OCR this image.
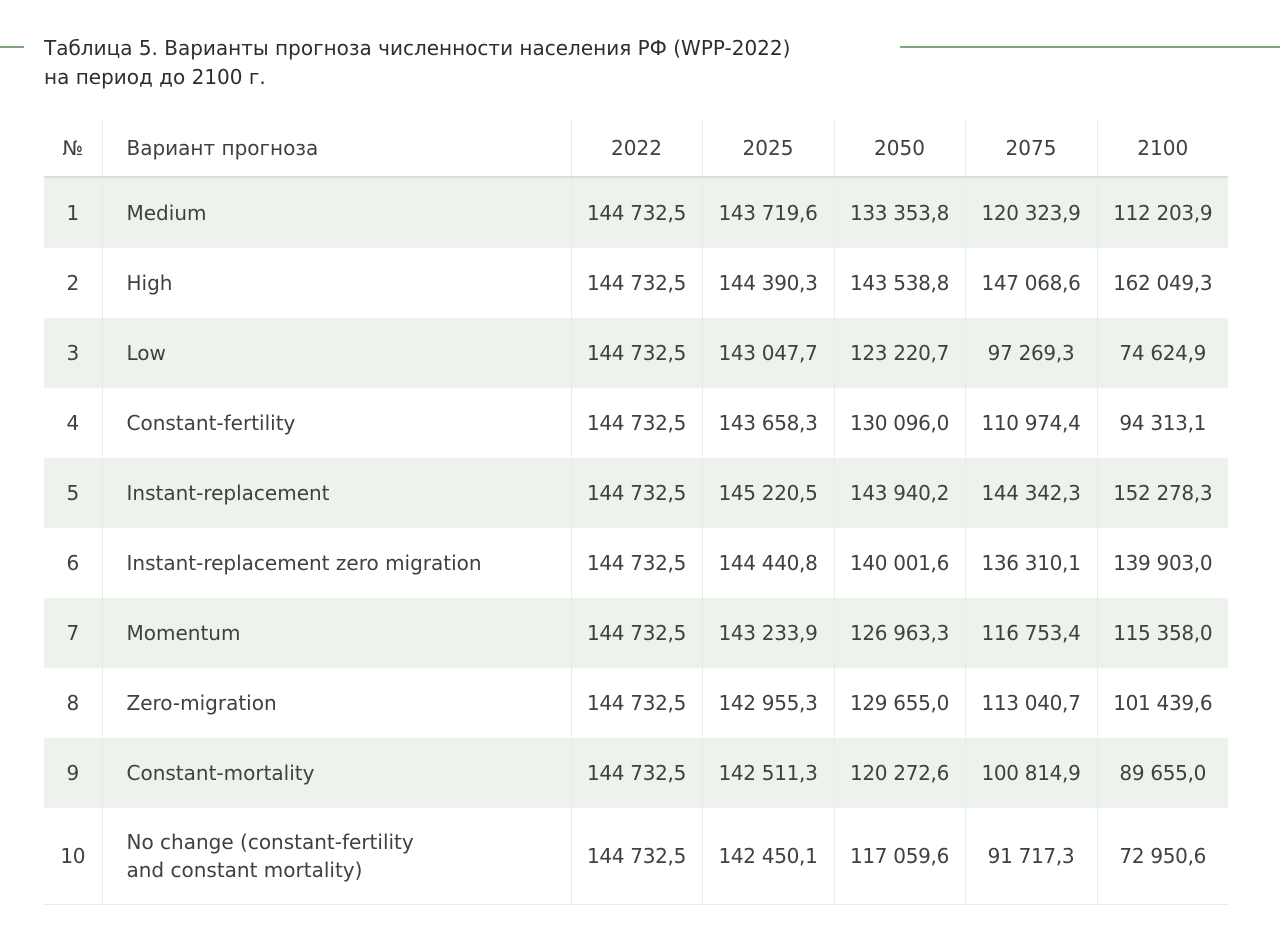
Таблица 5. Варианты прогноза численности населения РФ (WPP-2022)
на период до 2100 г.
№	Вариант прогноза	2022	2025	2050	2075	2100
1	Medium	144 732,5	143 719,6	133 353,8	120 323,9	112 203,9
2	High	144 732,5	144 390,3	143 538,8	147 068,6	162 049,3
3	Low	144 732,5	143 047,7	123 220,7	97 269,3	74 624,9
4	Constant-fertility	144 732,5	143 658,3	130 096,0	110 974,4	94 313,1
5	Instant-replacement	144 732,5	145 220,5	143 940,2	144 342,3	152 278,3
6	Instant-replacement zero migration	144 732,5	144 440,8	140 001,6	136 310,1	139 903,0
7	Momentum	144 732,5	143 233,9	126 963,3	116 753,4	115 358,0
8	Zero-migration	144 732,5	142 955,3	129 655,0	113 040,7	101 439,6
9	Constant-mortality	144 732,5	142 511,3	120 272,6	100 814,9	89 655,0
10	No change (constant-fertility
and constant mortality)	144 732,5	142 450,1	117 059,6	91 717,3	72 950,6
